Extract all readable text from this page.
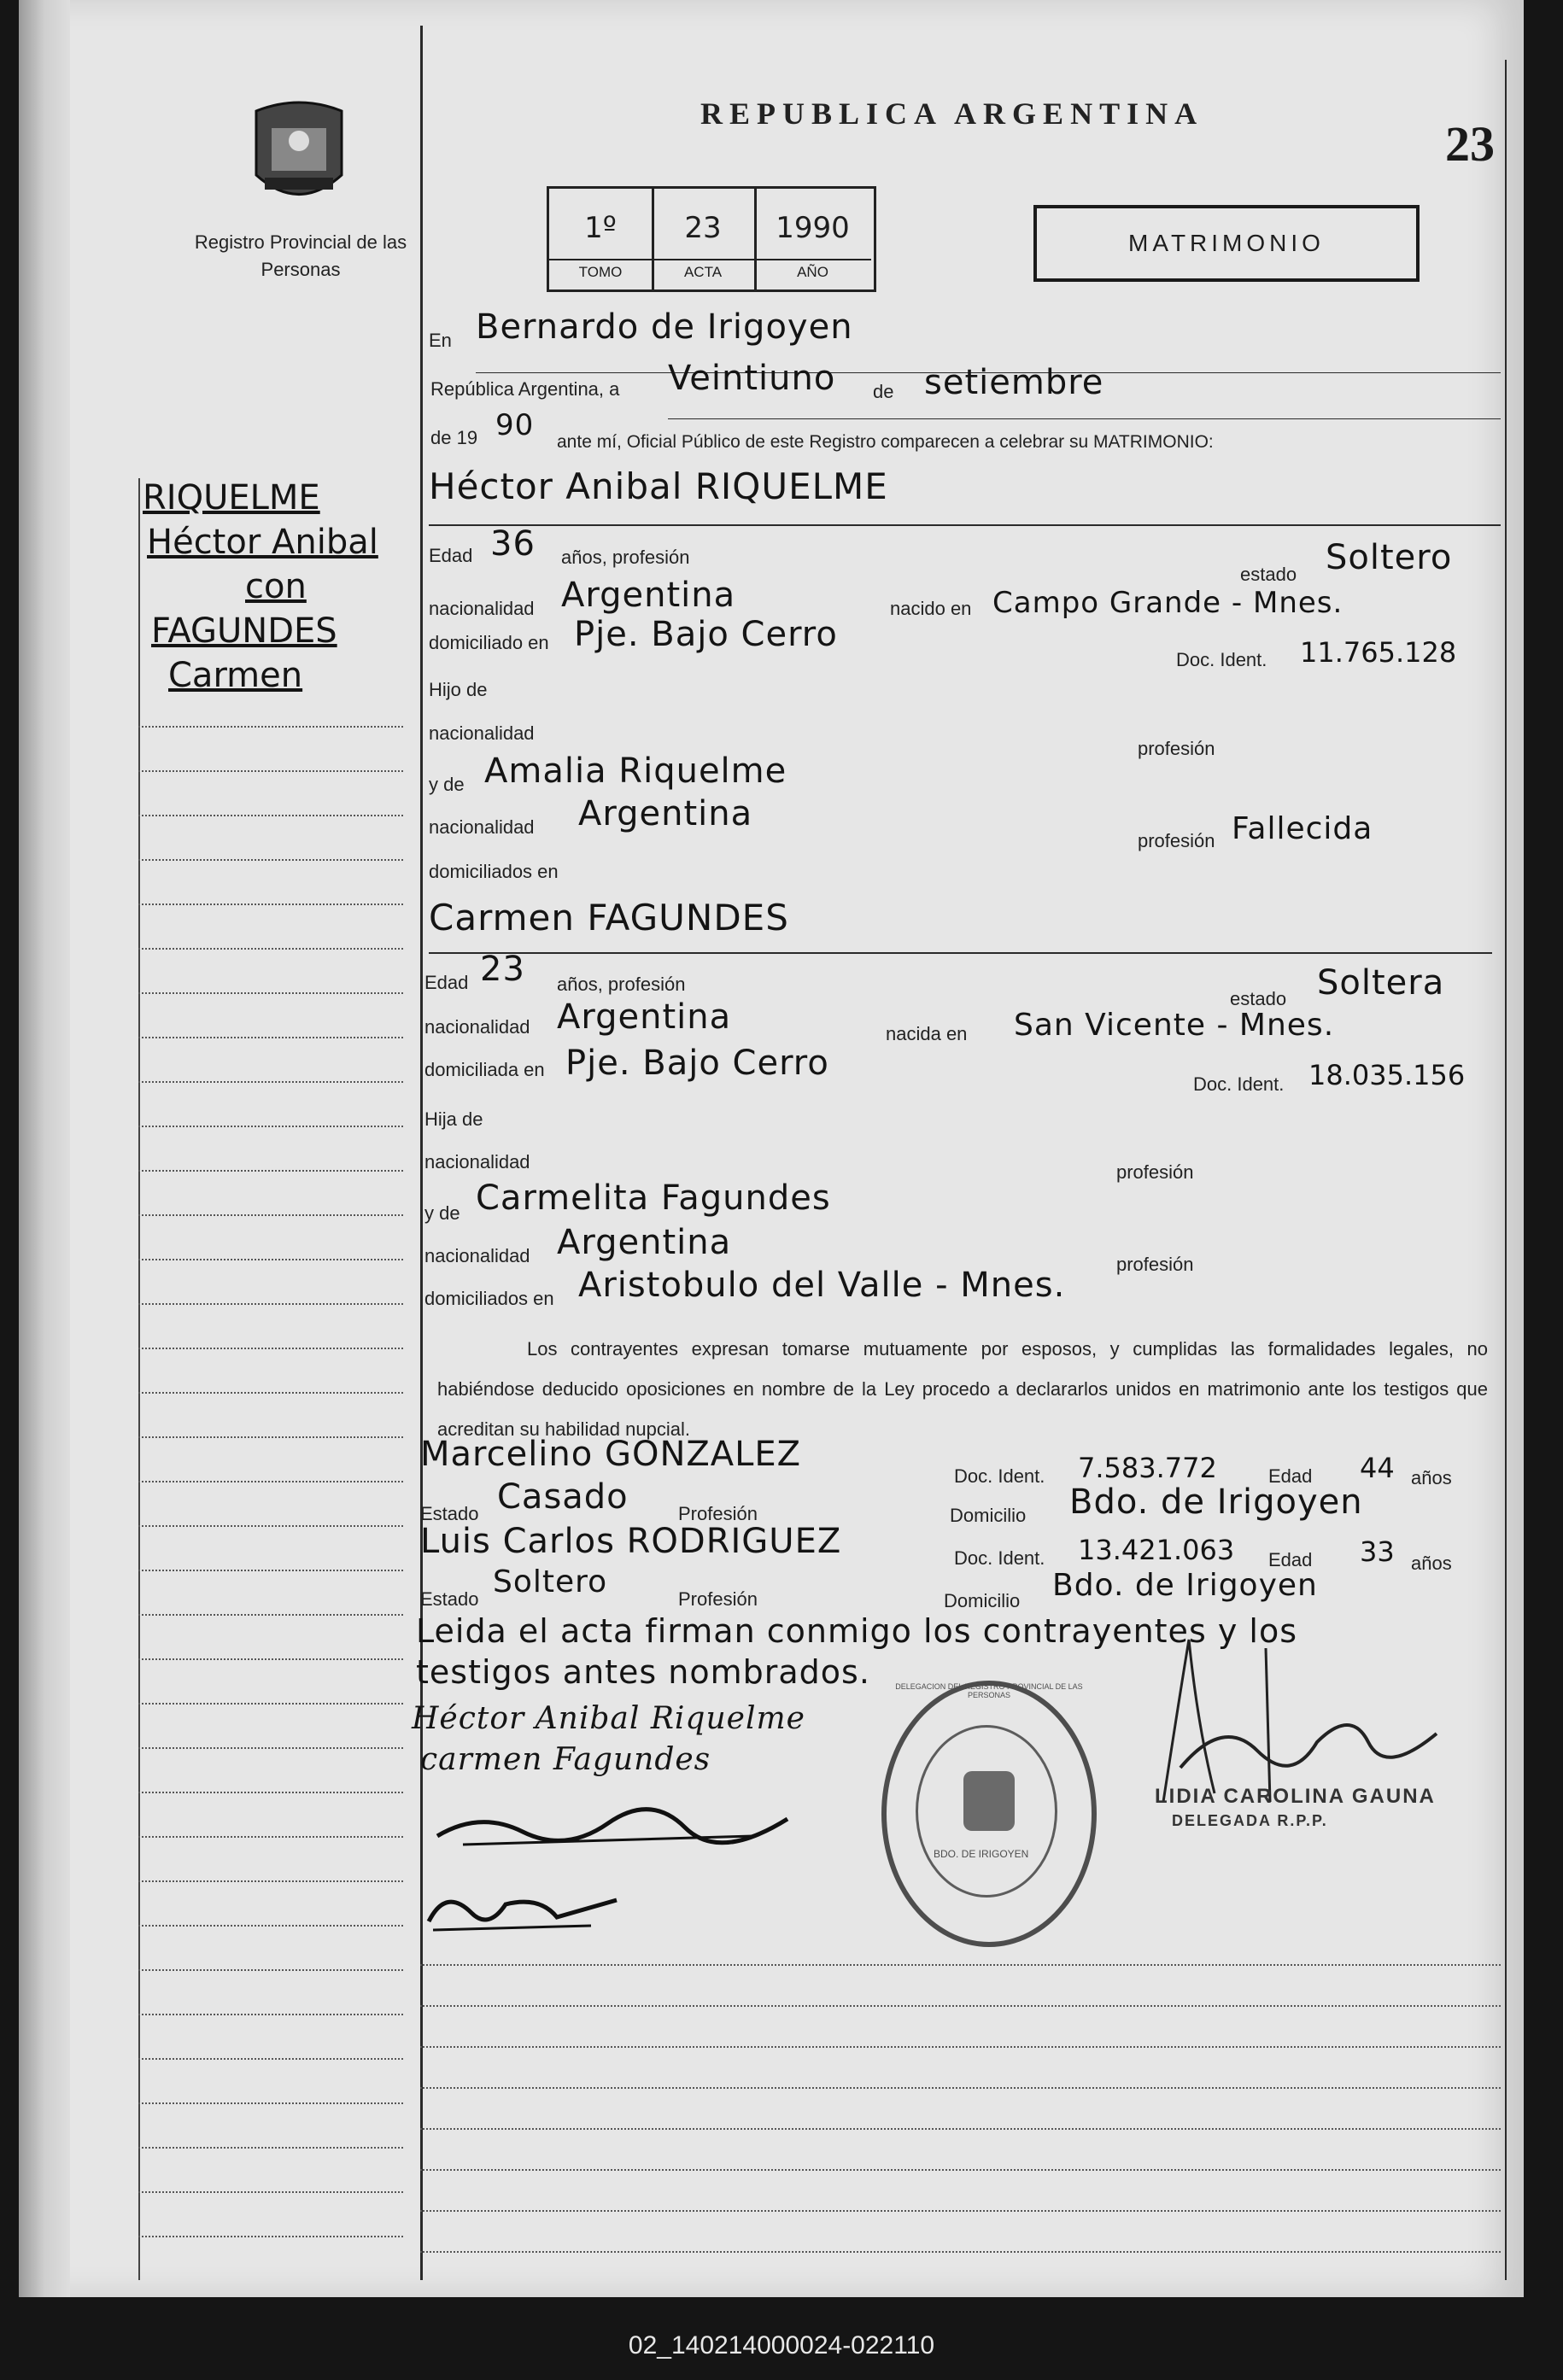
Registro Provincial de las Personas
REPUBLICA ARGENTINA
23
1º
TOMO
23
ACTA
1990
AÑO
MATRIMONIO
RIQUELME
Héctor Anibal
con
FAGUNDES
Carmen
En Bernardo de Irigoyen
República Argentina, a Veintiuno de setiembre
de 19 90 ante mí, Oficial Público de este Registro comparecen a celebrar su MATRIMONIO:
Héctor Anibal RIQUELME
Edad 36 años, profesión
estado Soltero
nacionalidad Argentina	nacido en Campo Grande - Mnes.
domiciliado en Pje. Bajo Cerro
Doc. Ident. 11.765.128
Hijo de
nacionalidad
profesión
y de Amalia Riquelme
nacionalidad Argentina
profesión Fallecida
domiciliados en
Carmen FAGUNDES
Edad 23 años, profesión
estado Soltera
nacionalidad Argentina	nacida en San Vicente - Mnes.
domiciliada en Pje. Bajo Cerro
Doc. Ident. 18.035.156
Hija de
nacionalidad	profesión
y de Carmelita Fagundes
nacionalidad Argentina
profesión
domiciliados en Aristobulo del Valle - Mnes.
Los contrayentes expresan tomarse mutuamente por esposos, y cumplidas las formalidades legales, no habiéndose deducido oposiciones en nombre de la Ley procedo a declararlos unidos en matrimonio ante los testigos que acreditan su habilidad nupcial.
Marcelino GONZALEZ
Doc. Ident. 7.583.772	Edad 44 años
Estado Casado	Profesión	Domicilio Bdo. de Irigoyen
Luis Carlos RODRIGUEZ	Doc. Ident. 13.421.063 Edad 33 años
Estado Soltero	Profesión	Domicilio Bdo. de Irigoyen
Leida el acta firman conmigo los contrayentes y los
testigos antes nombrados.
Héctor Anibal Riquelme
carmen Fagundes
BDO. DE IRIGOYEN
DELEGACION DEL REGISTRO PROVINCIAL DE LAS PERSONAS
LIDIA CAROLINA GAUNA
DELEGADA R.P.P.
02_140214000024-022110
